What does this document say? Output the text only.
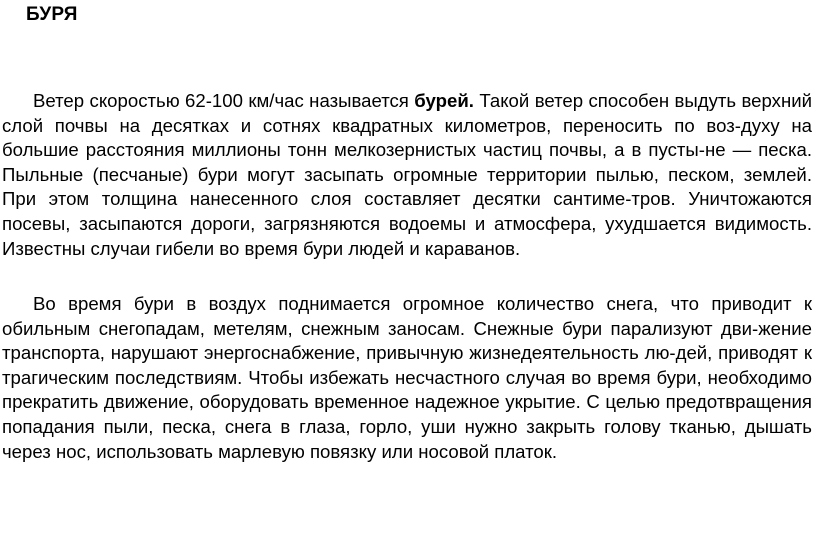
БУРЯ

Ветер скоростью 62-100 км/час называется бурей. Такой ветер способен выдуть верхний слой почвы на десятках и сотнях квадратных километров, переносить по воз-духу на большие расстояния миллионы тонн мелкозернистых частиц почвы, а в пусты-не — песка. Пыльные (песчаные) бури могут засыпать огромные территории пылью, песком, землей. При этом толщина нанесенного слоя составляет десятки сантиме-тров. Уничтожаются посевы, засыпаются дороги, загрязняются водоемы и атмосфера, ухудшается видимость. Известны случаи гибели во время бури людей и караванов.

Во время бури в воздух поднимается огромное количество снега, что приводит к обильным снегопадам, метелям, снежным заносам. Снежные бури парализуют дви-жение транспорта, нарушают энергоснабжение, привычную жизнедеятельность лю-дей, приводят к трагическим последствиям. Чтобы избежать несчастного случая во время бури, необходимо прекратить движение, оборудовать временное надежное укрытие. С целью предотвращения попадания пыли, песка, снега в глаза, горло, уши нужно закрыть голову тканью, дышать через нос, использовать марлевую повязку или носовой платок.
